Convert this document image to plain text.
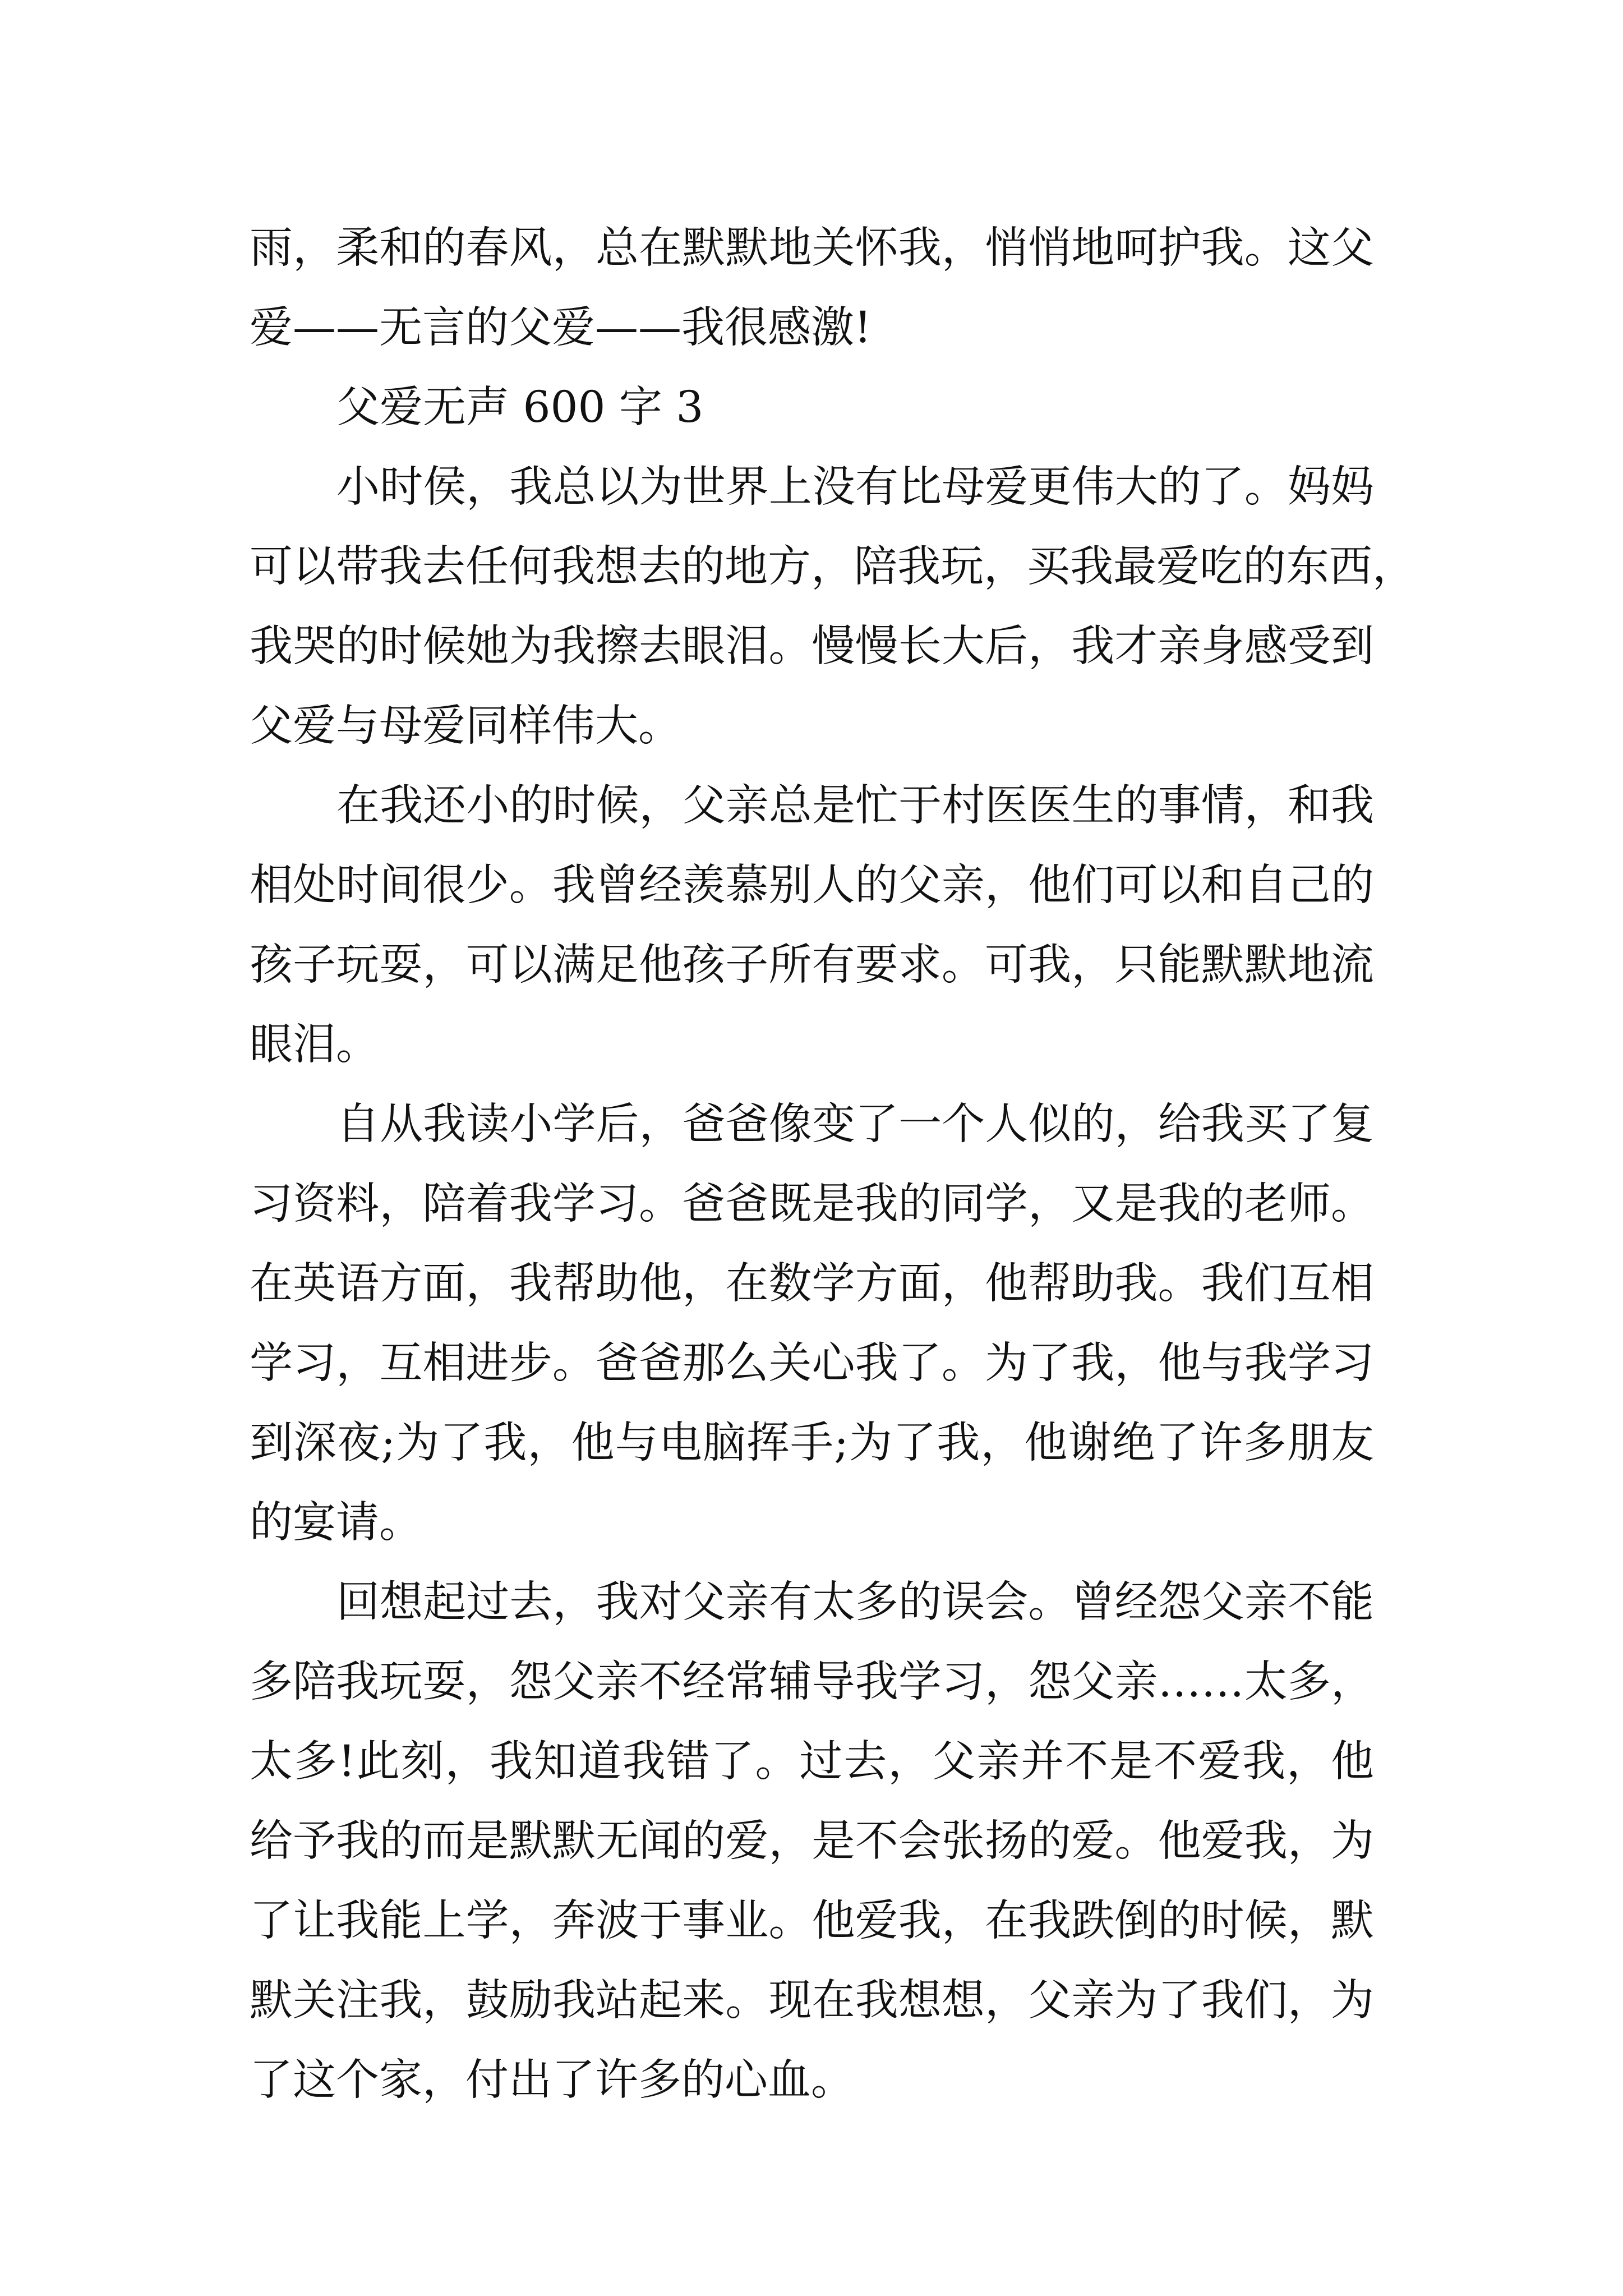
雨，柔和的春风，总在默默地关怀我，悄悄地呵护我。这父
爱——无言的父爱——我很感激!
父爱无声 600 字 3
小时侯，我总以为世界上没有比母爱更伟大的了。妈妈
可以带我去任何我想去的地方，陪我玩，买我最爱吃的东西，
我哭的时候她为我擦去眼泪。慢慢长大后，我才亲身感受到
父爱与母爱同样伟大。
在我还小的时候，父亲总是忙于村医医生的事情，和我
相处时间很少。我曾经羡慕别人的父亲，他们可以和自己的
孩子玩耍，可以满足他孩子所有要求。可我，只能默默地流
眼泪。
自从我读小学后，爸爸像变了一个人似的，给我买了复
习资料，陪着我学习。爸爸既是我的同学，又是我的老师。
在英语方面，我帮助他，在数学方面，他帮助我。我们互相
学习，互相进步。爸爸那么关心我了。为了我，他与我学习
到深夜;为了我，他与电脑挥手;为了我，他谢绝了许多朋友
的宴请。
回想起过去，我对父亲有太多的误会。曾经怨父亲不能
多陪我玩耍，怨父亲不经常辅导我学习，怨父亲……太多，
太多!此刻，我知道我错了。过去，父亲并不是不爱我，他
给予我的而是默默无闻的爱，是不会张扬的爱。他爱我，为
了让我能上学，奔波于事业。他爱我，在我跌倒的时候，默
默关注我，鼓励我站起来。现在我想想，父亲为了我们，为
了这个家，付出了许多的心血。
